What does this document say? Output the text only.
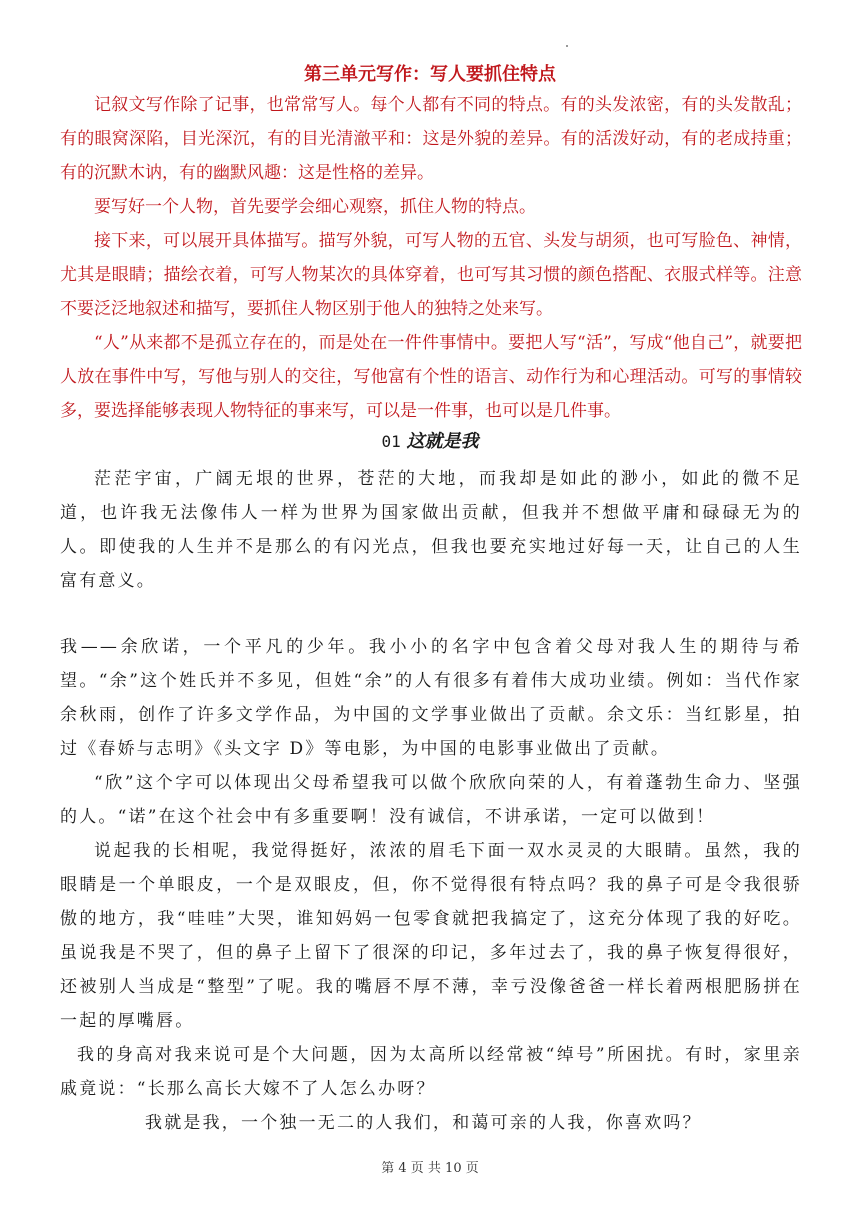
第三单元写作：写人要抓住特点

记叙文写作除了记事，也常常写人。每个人都有不同的特点。有的头发浓密，有的头发散乱；有的眼窝深陷，目光深沉，有的目光清澈平和：这是外貌的差异。有的活泼好动，有的老成持重；有的沉默木讷，有的幽默风趣：这是性格的差异。

要写好一个人物，首先要学会细心观察，抓住人物的特点。

接下来，可以展开具体描写。描写外貌，可写人物的五官、头发与胡须，也可写脸色、神情，尤其是眼睛；描绘衣着，可写人物某次的具体穿着，也可写其习惯的颜色搭配、衣服式样等。注意不要泛泛地叙述和描写，要抓住人物区别于他人的独特之处来写。

“人”从来都不是孤立存在的，而是处在一件件事情中。要把人写“活”，写成“他自己”，就要把人放在事件中写，写他与别人的交往，写他富有个性的语言、动作行为和心理活动。可写的事情较多，要选择能够表现人物特征的事来写，可以是一件事，也可以是几件事。

01 这就是我

茫茫宇宙，广阔无垠的世界，苍茫的大地，而我却是如此的渺小，如此的微不足道，也许我无法像伟人一样为世界为国家做出贡献，但我并不想做平庸和碌碌无为的人。即使我的人生并不是那么的有闪光点，但我也要充实地过好每一天，让自己的人生富有意义。

我——余欣诺，一个平凡的少年。我小小的名字中包含着父母对我人生的期待与希望。“余”这个姓氏并不多见，但姓“余”的人有很多有着伟大成功业绩。例如：当代作家余秋雨，创作了许多文学作品，为中国的文学事业做出了贡献。余文乐：当红影星，拍过《春娇与志明》《头文字 D》等电影，为中国的电影事业做出了贡献。

“欣”这个字可以体现出父母希望我可以做个欣欣向荣的人，有着蓬勃生命力、坚强的人。“诺”在这个社会中有多重要啊！没有诚信，不讲承诺，一定可以做到！

说起我的长相呢，我觉得挺好，浓浓的眉毛下面一双水灵灵的大眼睛。虽然，我的眼睛是一个单眼皮，一个是双眼皮，但，你不觉得很有特点吗？我的鼻子可是令我很骄傲的地方，我“哇哇”大哭，谁知妈妈一包零食就把我搞定了，这充分体现了我的好吃。虽说我是不哭了，但的鼻子上留下了很深的印记，多年过去了，我的鼻子恢复得很好，还被别人当成是“整型”了呢。我的嘴唇不厚不薄，幸亏没像爸爸一样长着两根肥肠拼在一起的厚嘴唇。

我的身高对我来说可是个大问题，因为太高所以经常被“绰号”所困扰。有时，家里亲戚竟说：“长那么高长大嫁不了人怎么办呀？

我就是我，一个独一无二的人我们，和蔼可亲的人我，你喜欢吗？

第 4 页 共 10 页
